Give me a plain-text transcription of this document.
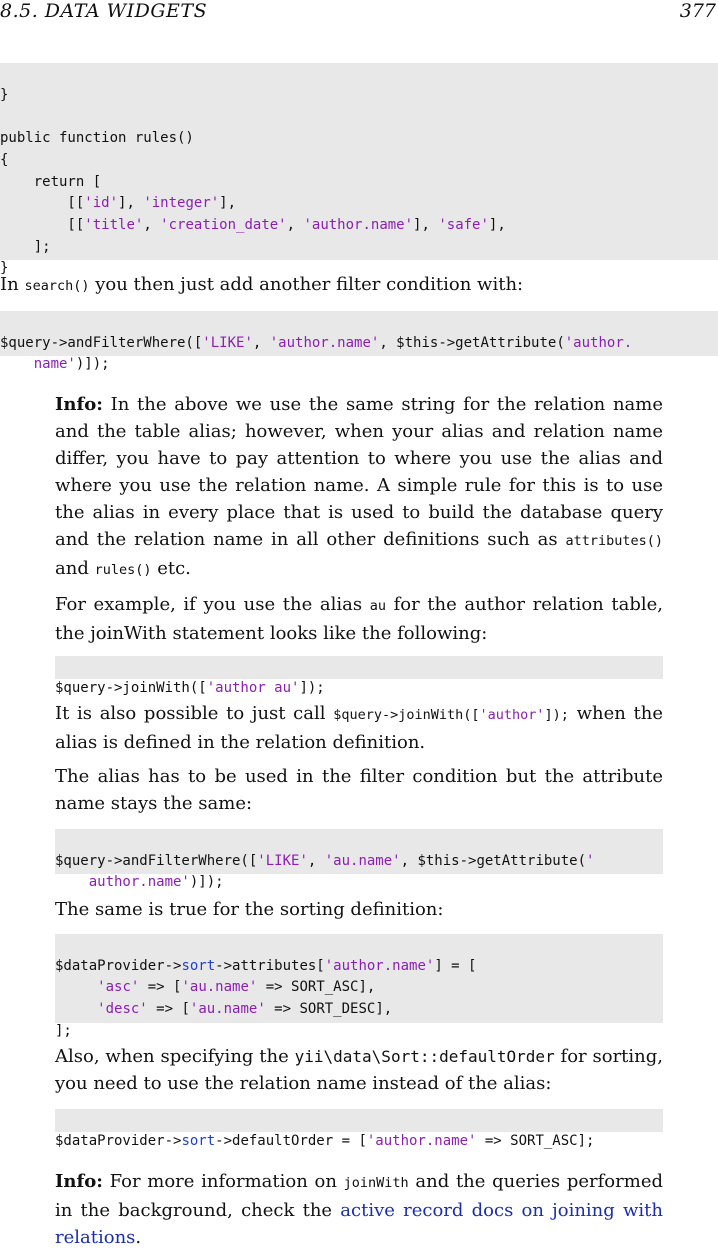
8.5. DATA WIDGETS	377

}
public function rules()
{
return [
[['id'], 'integer'],
[['title', 'creation_date', 'author.name'], 'safe'],
];
}

In search() you then just add another filter condition with:

$query->andFilterWhere(['LIKE', 'author.name', $this->getAttribute('author.
name')]);

Info: In the above we use the same string for the relation name and the table alias; however, when your alias and relation name differ, you have to pay attention to where you use the alias and where you use the relation name. A simple rule for this is to use the alias in every place that is used to build the database query and the relation name in all other definitions such as attributes() and rules() etc.
For example, if you use the alias au for the author relation table, the joinWith statement looks like the following:

$query->joinWith(['author au']);

It is also possible to just call $query->joinWith(['author']); when the alias is defined in the relation definition.
The alias has to be used in the filter condition but the attribute name stays the same:

$query->andFilterWhere(['LIKE', 'au.name', $this->getAttribute('
author.name')]);

The same is true for the sorting definition:

$dataProvider->sort->attributes['author.name'] = [
'asc' => ['au.name' => SORT_ASC],
'desc' => ['au.name' => SORT_DESC],
];

Also, when specifying the yii\data\Sort::defaultOrder for sorting, you need to use the relation name instead of the alias:

$dataProvider->sort->defaultOrder = ['author.name' => SORT_ASC];

Info: For more information on joinWith and the queries performed in the background, check the active record docs on joining with relations.
